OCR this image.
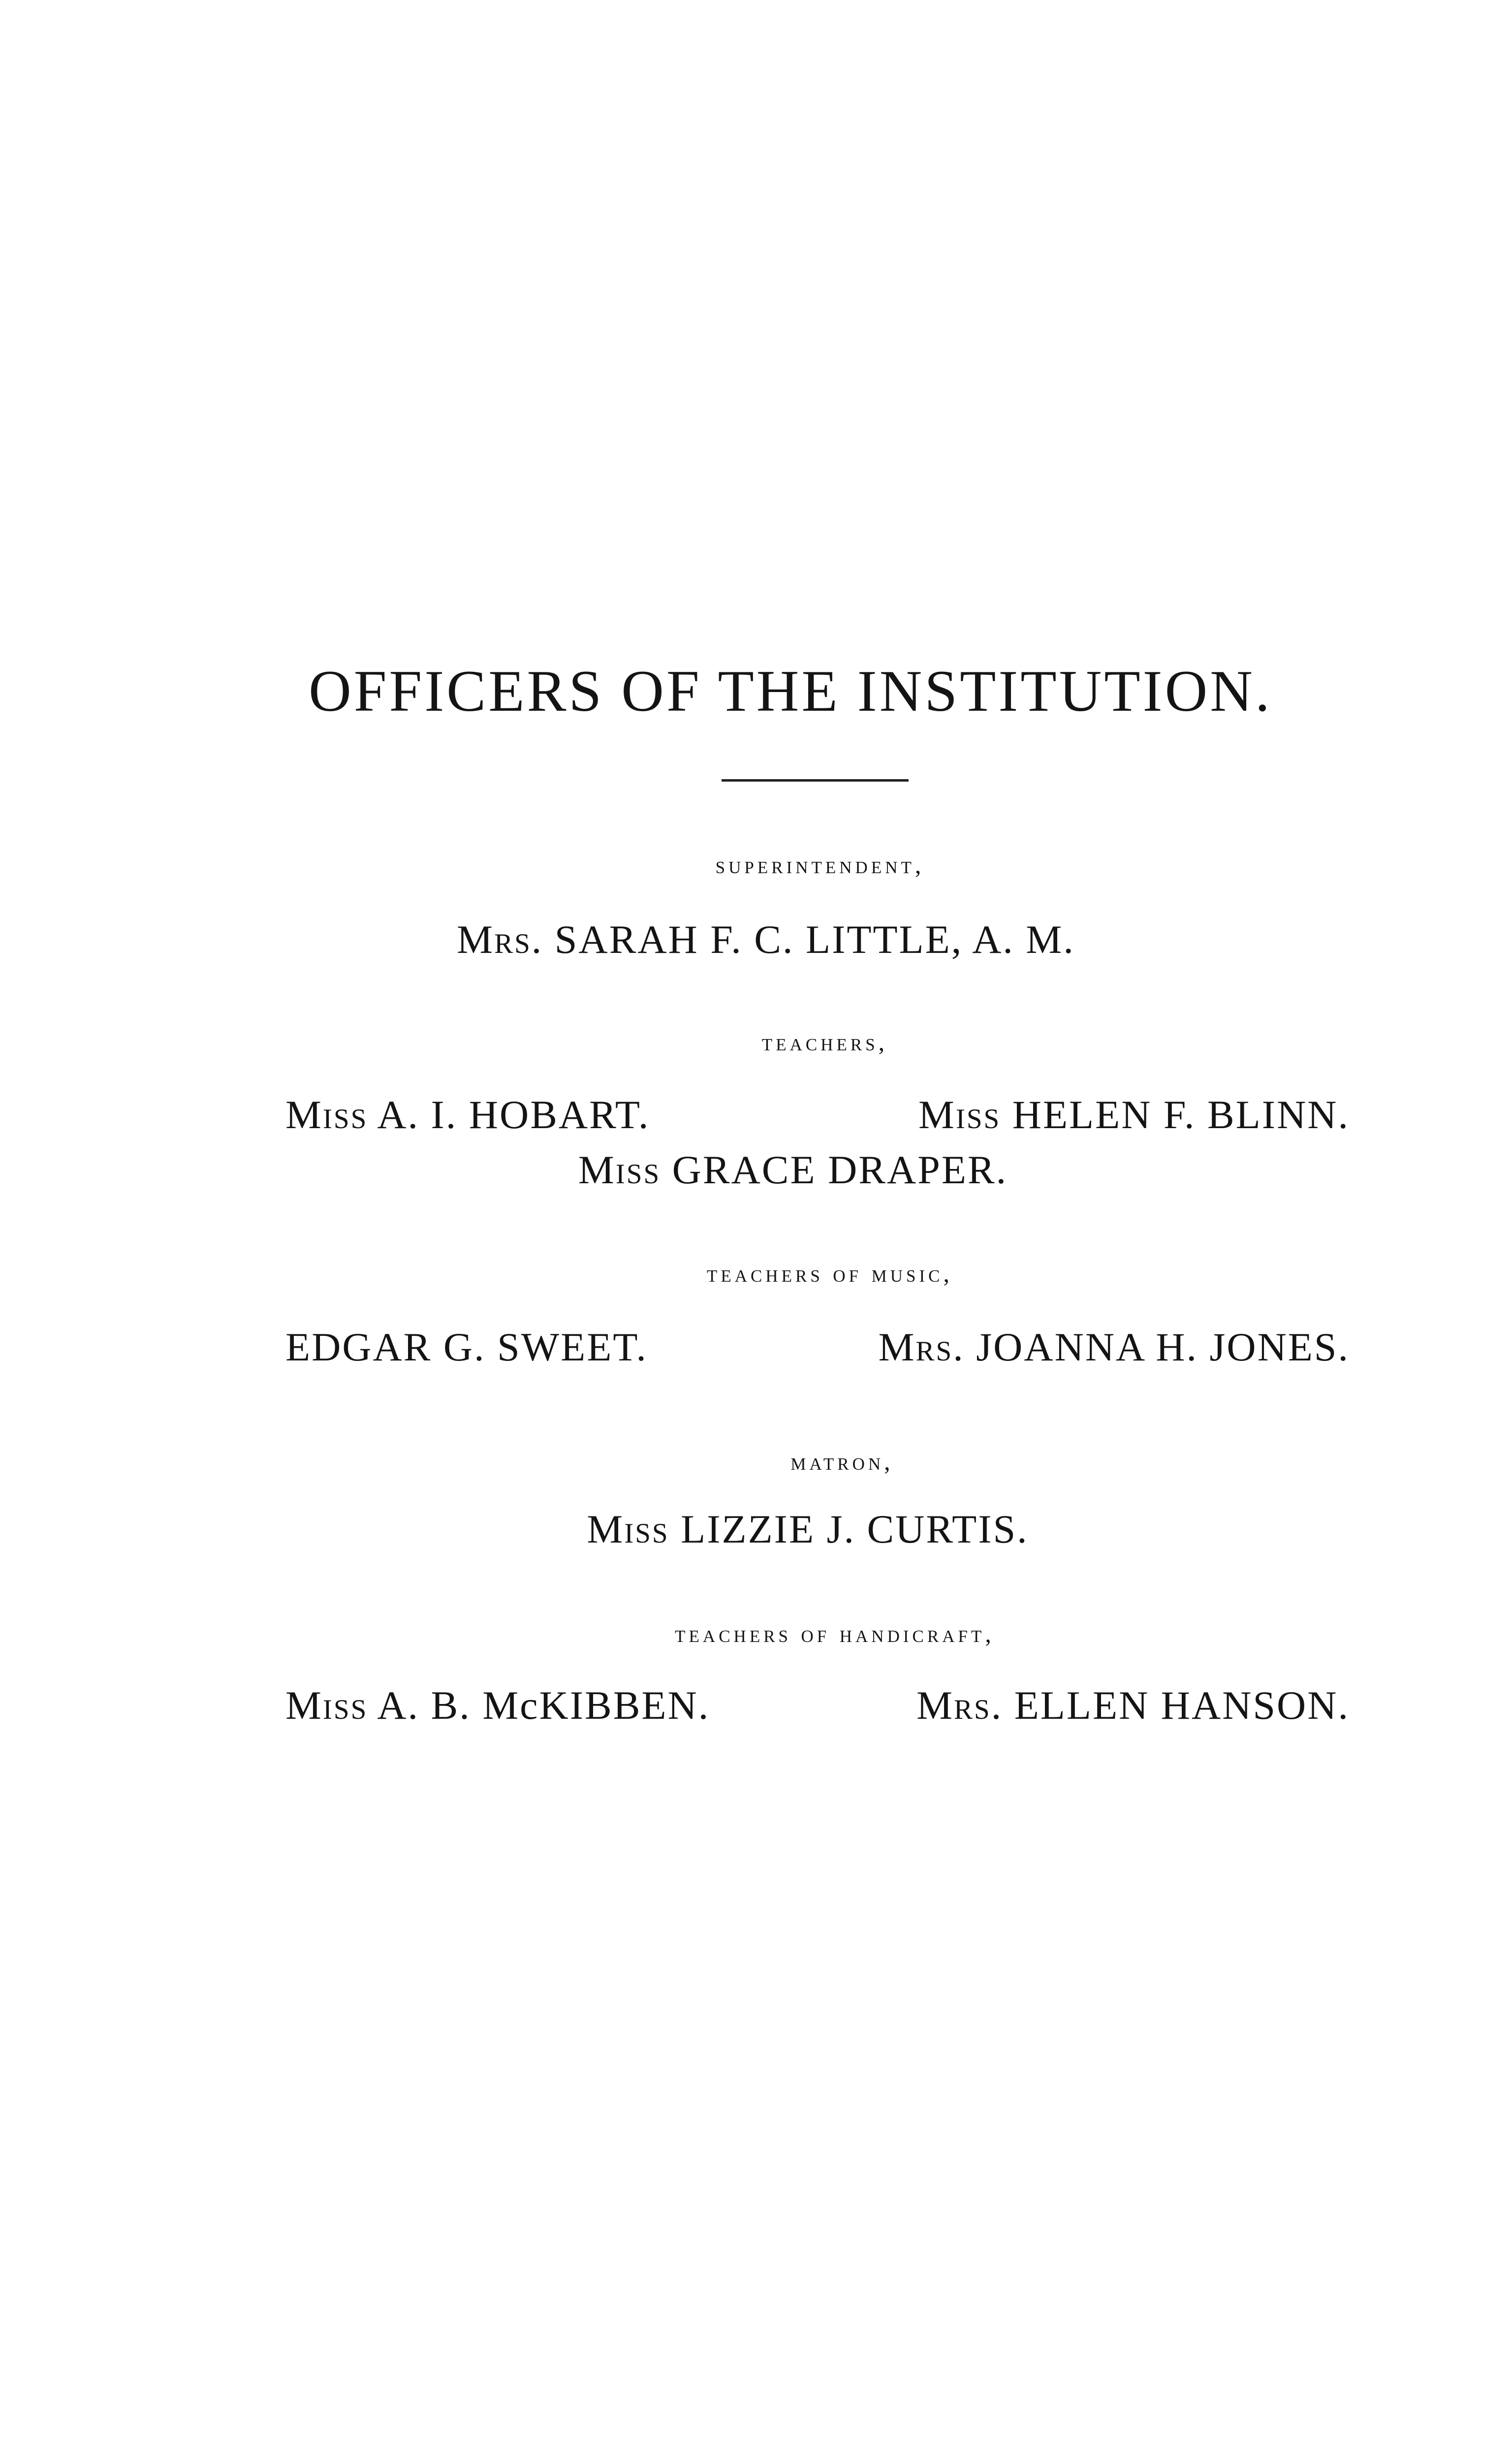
OFFICERS OF THE INSTITUTION.
superintendent,
Mrs. SARAH F. C. LITTLE, A. M.
teachers,
Miss A. I. HOBART.	Miss HELEN F. BLINN.
Miss GRACE DRAPER.
teachers of music,
EDGAR G. SWEET.	Mrs. JOANNA H. JONES.
matron,
Miss LIZZIE J. CURTIS.
teachers of handicraft,
Miss A. B. McKIBBEN.	Mrs. ELLEN HANSON.
